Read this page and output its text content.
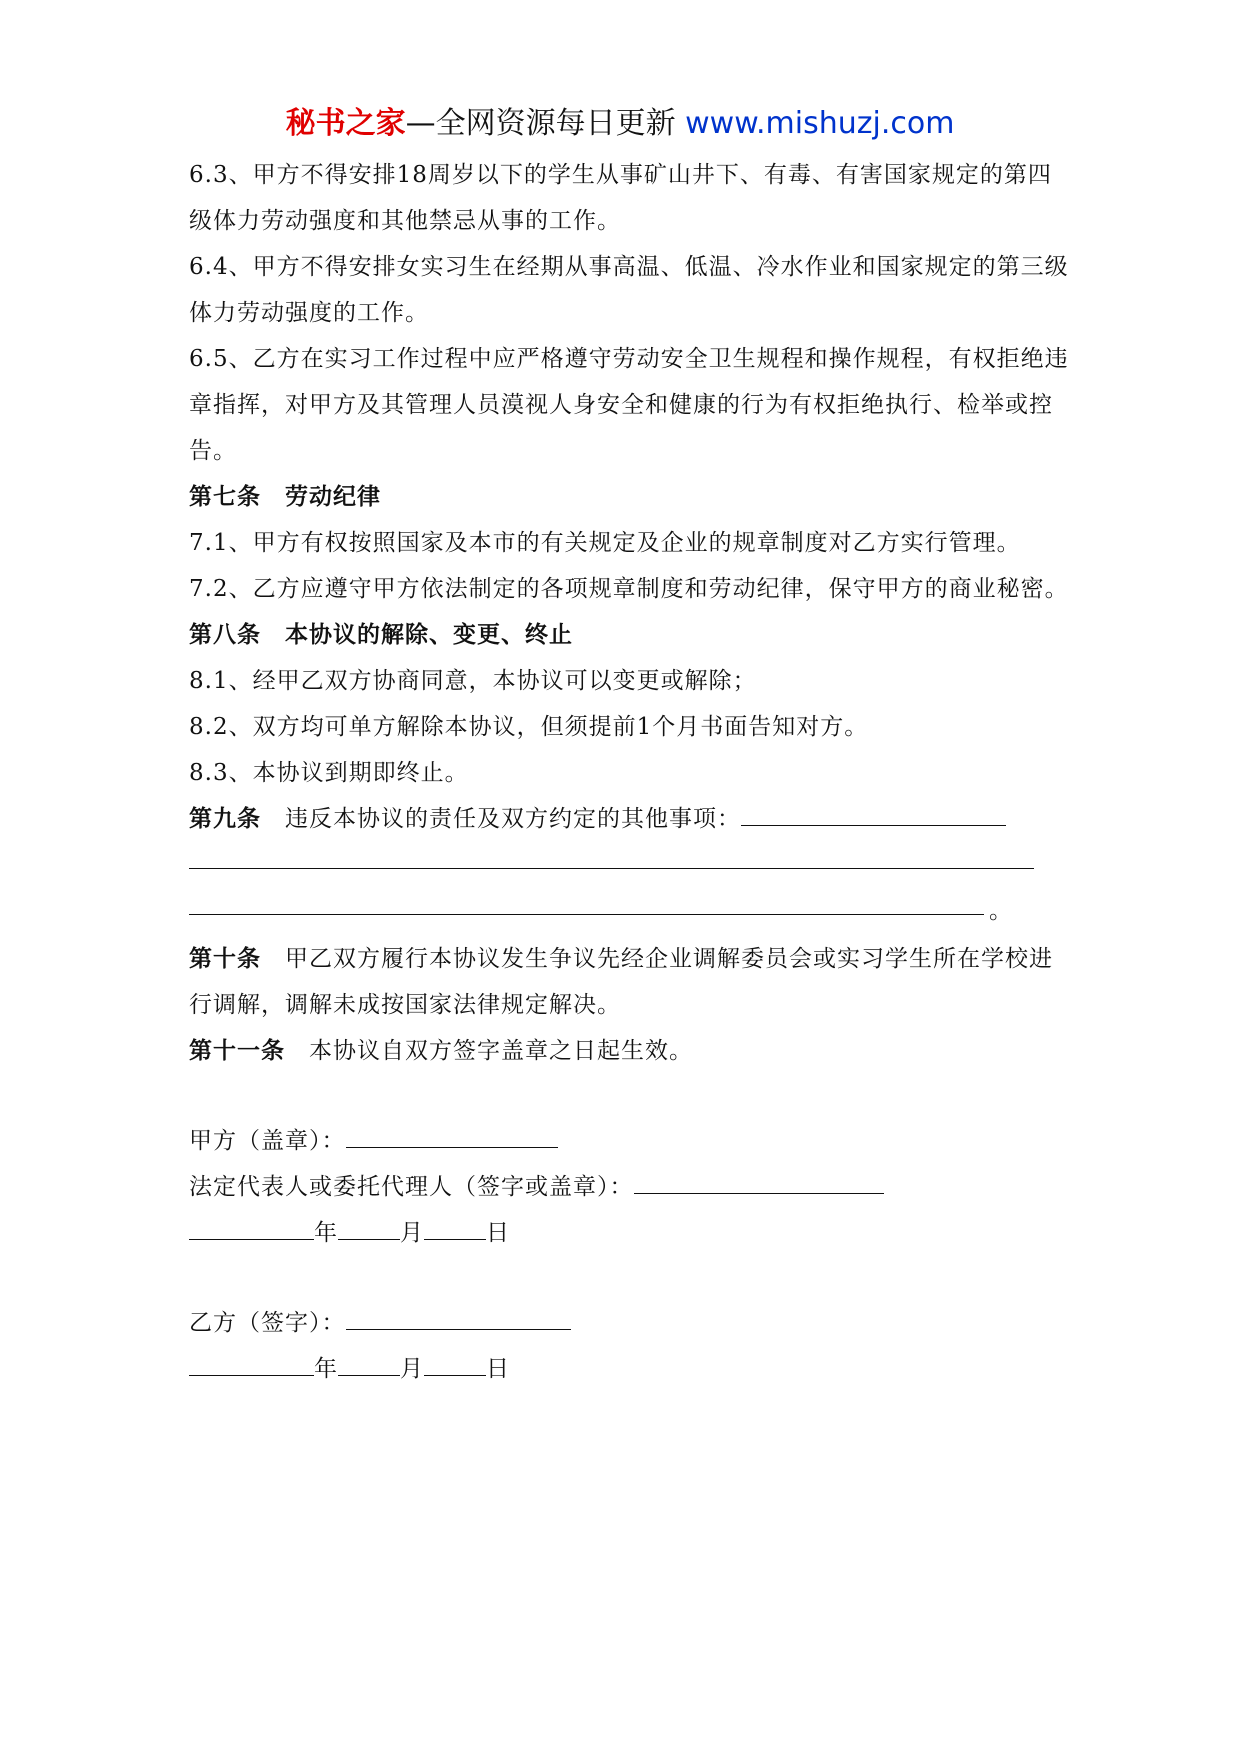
秘书之家—全网资源每日更新 www.mishuzj.com

6.3、甲方不得安排18周岁以下的学生从事矿山井下、有毒、有害国家规定的第四级体力劳动强度和其他禁忌从事的工作。

6.4、甲方不得安排女实习生在经期从事高温、低温、冷水作业和国家规定的第三级体力劳动强度的工作。

6.5、乙方在实习工作过程中应严格遵守劳动安全卫生规程和操作规程，有权拒绝违章指挥，对甲方及其管理人员漠视人身安全和健康的行为有权拒绝执行、检举或控告。

第七条　劳动纪律

7.1、甲方有权按照国家及本市的有关规定及企业的规章制度对乙方实行管理。

7.2、乙方应遵守甲方依法制定的各项规章制度和劳动纪律，保守甲方的商业秘密。

第八条　本协议的解除、变更、终止

8.1、经甲乙双方协商同意，本协议可以变更或解除；

8.2、双方均可单方解除本协议，但须提前1个月书面告知对方。

8.3、本协议到期即终止。

第九条　 违反本协议的责任及双方约定的其他事项：

。

第十条　 甲乙双方履行本协议发生争议先经企业调解委员会或实习学生所在学校进行调解，调解未成按国家法律规定解决。

第十一条　 本协议自双方签字盖章之日起生效。

甲方（盖章）：

法定代表人或委托代理人（签字或盖章）：

年	月	日

乙方（签字）：

年	月	日
